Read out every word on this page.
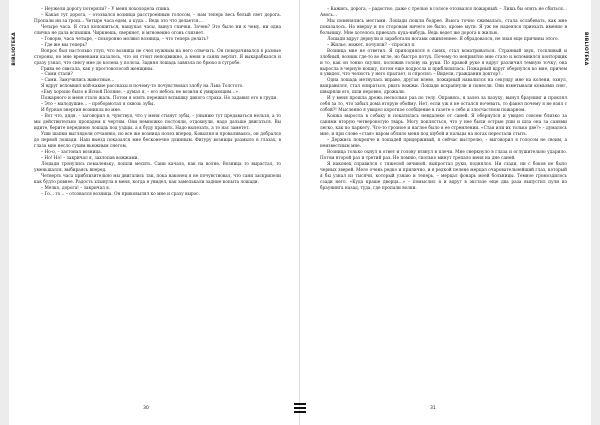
BIBLIOTEKA

– Неужели дорогу потеряли? – У меня похолодела спина.

– Какая тут дорога, – отозвался возница расстроенным голосом, – нам теперь весь белый свет дорога. Пропали ни за грош… Четыре часа едем, а куда… Ведь это что делается…

Четыре часа. Я стал копошиться, нащупал часы, вынул спички. Зачем? Это было ни к чему, ни одна спичка не дала вспышки. Чиркнешь, сверкнет, и мгновенно огонь слизнет.

– Говорю, часа четыре, – похоронно молвил возница, – что теперь делать?

– Где же мы теперь?

Вопрос был настолько глуп, что возница не счел нужным на него отвечать. Он поворачивался в разные стороны, но мне временами казалось, что он стоит неподвижно, а меня в санях вертит. Я выкарабкался и сразу узнал, что снегу мне до колена у полоза. Задняя лошадь завязла по брюхо в сугробе.

Грива ее свисала, как у простоволосой женщины.

– Сами стали?

– Сами. Замучились животные…

Я вдруг вспомнил кой-какие рассказы и почему-то почувствовал злобу на Льва Толстого.

«Ему хорошо было в Ясной Поляне, – думал я, – его небось не возили к умирающим…»

Пожарного и меня стало жаль. Потом я опять пережил вспышку дикого страха. Но задавил его в груди.

– Это – малодушие… – пробормотал я сквозь зубы.

И бурная энергия возникла во мне.

– Вот что, дядя, – заговорил я, чувствуя, что у меня стынут зубы, – унынию тут предаваться нельзя, а то мы действительно пропадем к чертям. Они немножко постояли, отдохнули, надо дальше двигаться. Вы идите, берите переднюю лошадь под уздцы, а я буду править. Надо вылезать, а то нас заметет.

Уши шапки выглядели отчаянно, но все же возница полез вперед. Ковыляя и проваливаясь, он добрался до первой лошади. Наш выезд показался мне бесконечно длинным. Фигуру возницы размыло в глазах, в глаза мне несло сухим вьюжным снегом.

– Но-о, – застонал возница.

– Но! Но! – закричал я, захлопав вожжами.

Лошади тронулись помаленьку, пошли месить. Сани качало, как на волне. Возница то вырастал, то уменьшался, выбираясь вперед.

Четверть часа приблизительно мы двигались так, пока наконец я не почувствовал, что сани заскрипели как будто ровнее. Радость хлынула в меня, когда я увидел, как замелькали задние копыта лошади.

– Мелко, дорога! – закричал я.

– Го… го… – отозвался возница. Он приковылял ко мне и сразу вырос.

30
BIBLIOTEKA

– Кажись, дорога, – радостно, даже с трелью в голосе отозвался пожарный. – Лишь бы опять не сбиться… Авось…

Мы поменялись местами. Лошади пошли бодрее. Вьюга точно сжималась, стала ослабевать, как мне показалось. Но вверху и по сторонам ничего не было, кроме мути. Я уж не надеялся приехать именно в больницу. Мне хотелось приехать куда-нибудь. Ведь ведет же дорога к жилью.

Лошади вдруг дернули и заработали ногами оживленнее. Я обрадовался, не зная еще причины этого.

– Жилье, может, почуяли? – спросил я.

Возница мне не ответил. Я приподнялся в санях, стал всматриваться. Странный звук, тоскливый и злобный, возник где-то во мгле, но быстро потух. Почему-то неприятно мне стало и вспомнился конторщик и то, как он тонко скулил, положив голову на руки. По правой руке я вдруг различил темную точку, она выросла в черную кошку, потом еще подросла и приблизилась. Пожарный вдруг обернулся ко мне, причем я увидел, что челюсть у него прыгает, и спросил: – Видели, гражданин доктор?..

Одна лошадь метнулась вправо, другая влево, пожарный навалился на секунду мне на колени, охнул, выправился, стал опираться, рвать вожжи. Лошади всхрапнули и понесли. Они взметывали комьями снег, швыряли его, шли неровно, дрожали.

И у меня прошла дрожь несколько раз по телу. Оправясь, я залез за пазуху, вынул браунинг и проклял себя за то, что забыл дома вторую обойму. Нет, если уж я не остался ночевать, то факел почему я не взял с собой?! Мысленно я увидел короткое сообщение в газете о себе и злосчастном пожарном.

Кошка выросла в собаку и покатилась невдалеке от саней. Я обернулся и увидел совсем близко за санями вторую четвероногую тварь. Могу поклясться, что у нее были острые уши и шла она за санями легко, как по паркету. Что-то грозное и наглое было в ее стремлении. «Стая или их только две?» – думалось мне, и при слове «стая» варом облило меня под шубой и пальцы на ногах перестали стыть.

– Держись покрепче и лошадей придерживай, я сейчас выстрелю, – выговорил я голосом не своим, а неизвестным мне.

Возница только охнул в ответ и голову втянул в плечи. Мне сверкнуло в глаза и оглушительно ударило. Потом второй раз и третий раз. Не помню, сколько минут трепало меня на дне саней.

Я наконец справился с тяжелой овчиной, выпростал руки, поднялся. Ни сзади, ни с боков не было черных зверей. Мело очень редко и прилично, и в редкой пелене мерцал очаровательнейший глаз, который я бы узнал из тысячи, который узнаю и теперь, – мерцал фонарь моей больницы. Темное громоздилось сзади него. «Куда краше дворца…» – помыслил я и вдруг в экстазе еще два раза выпустил пули из браунинга назад, туда, где пропали волки.

31
